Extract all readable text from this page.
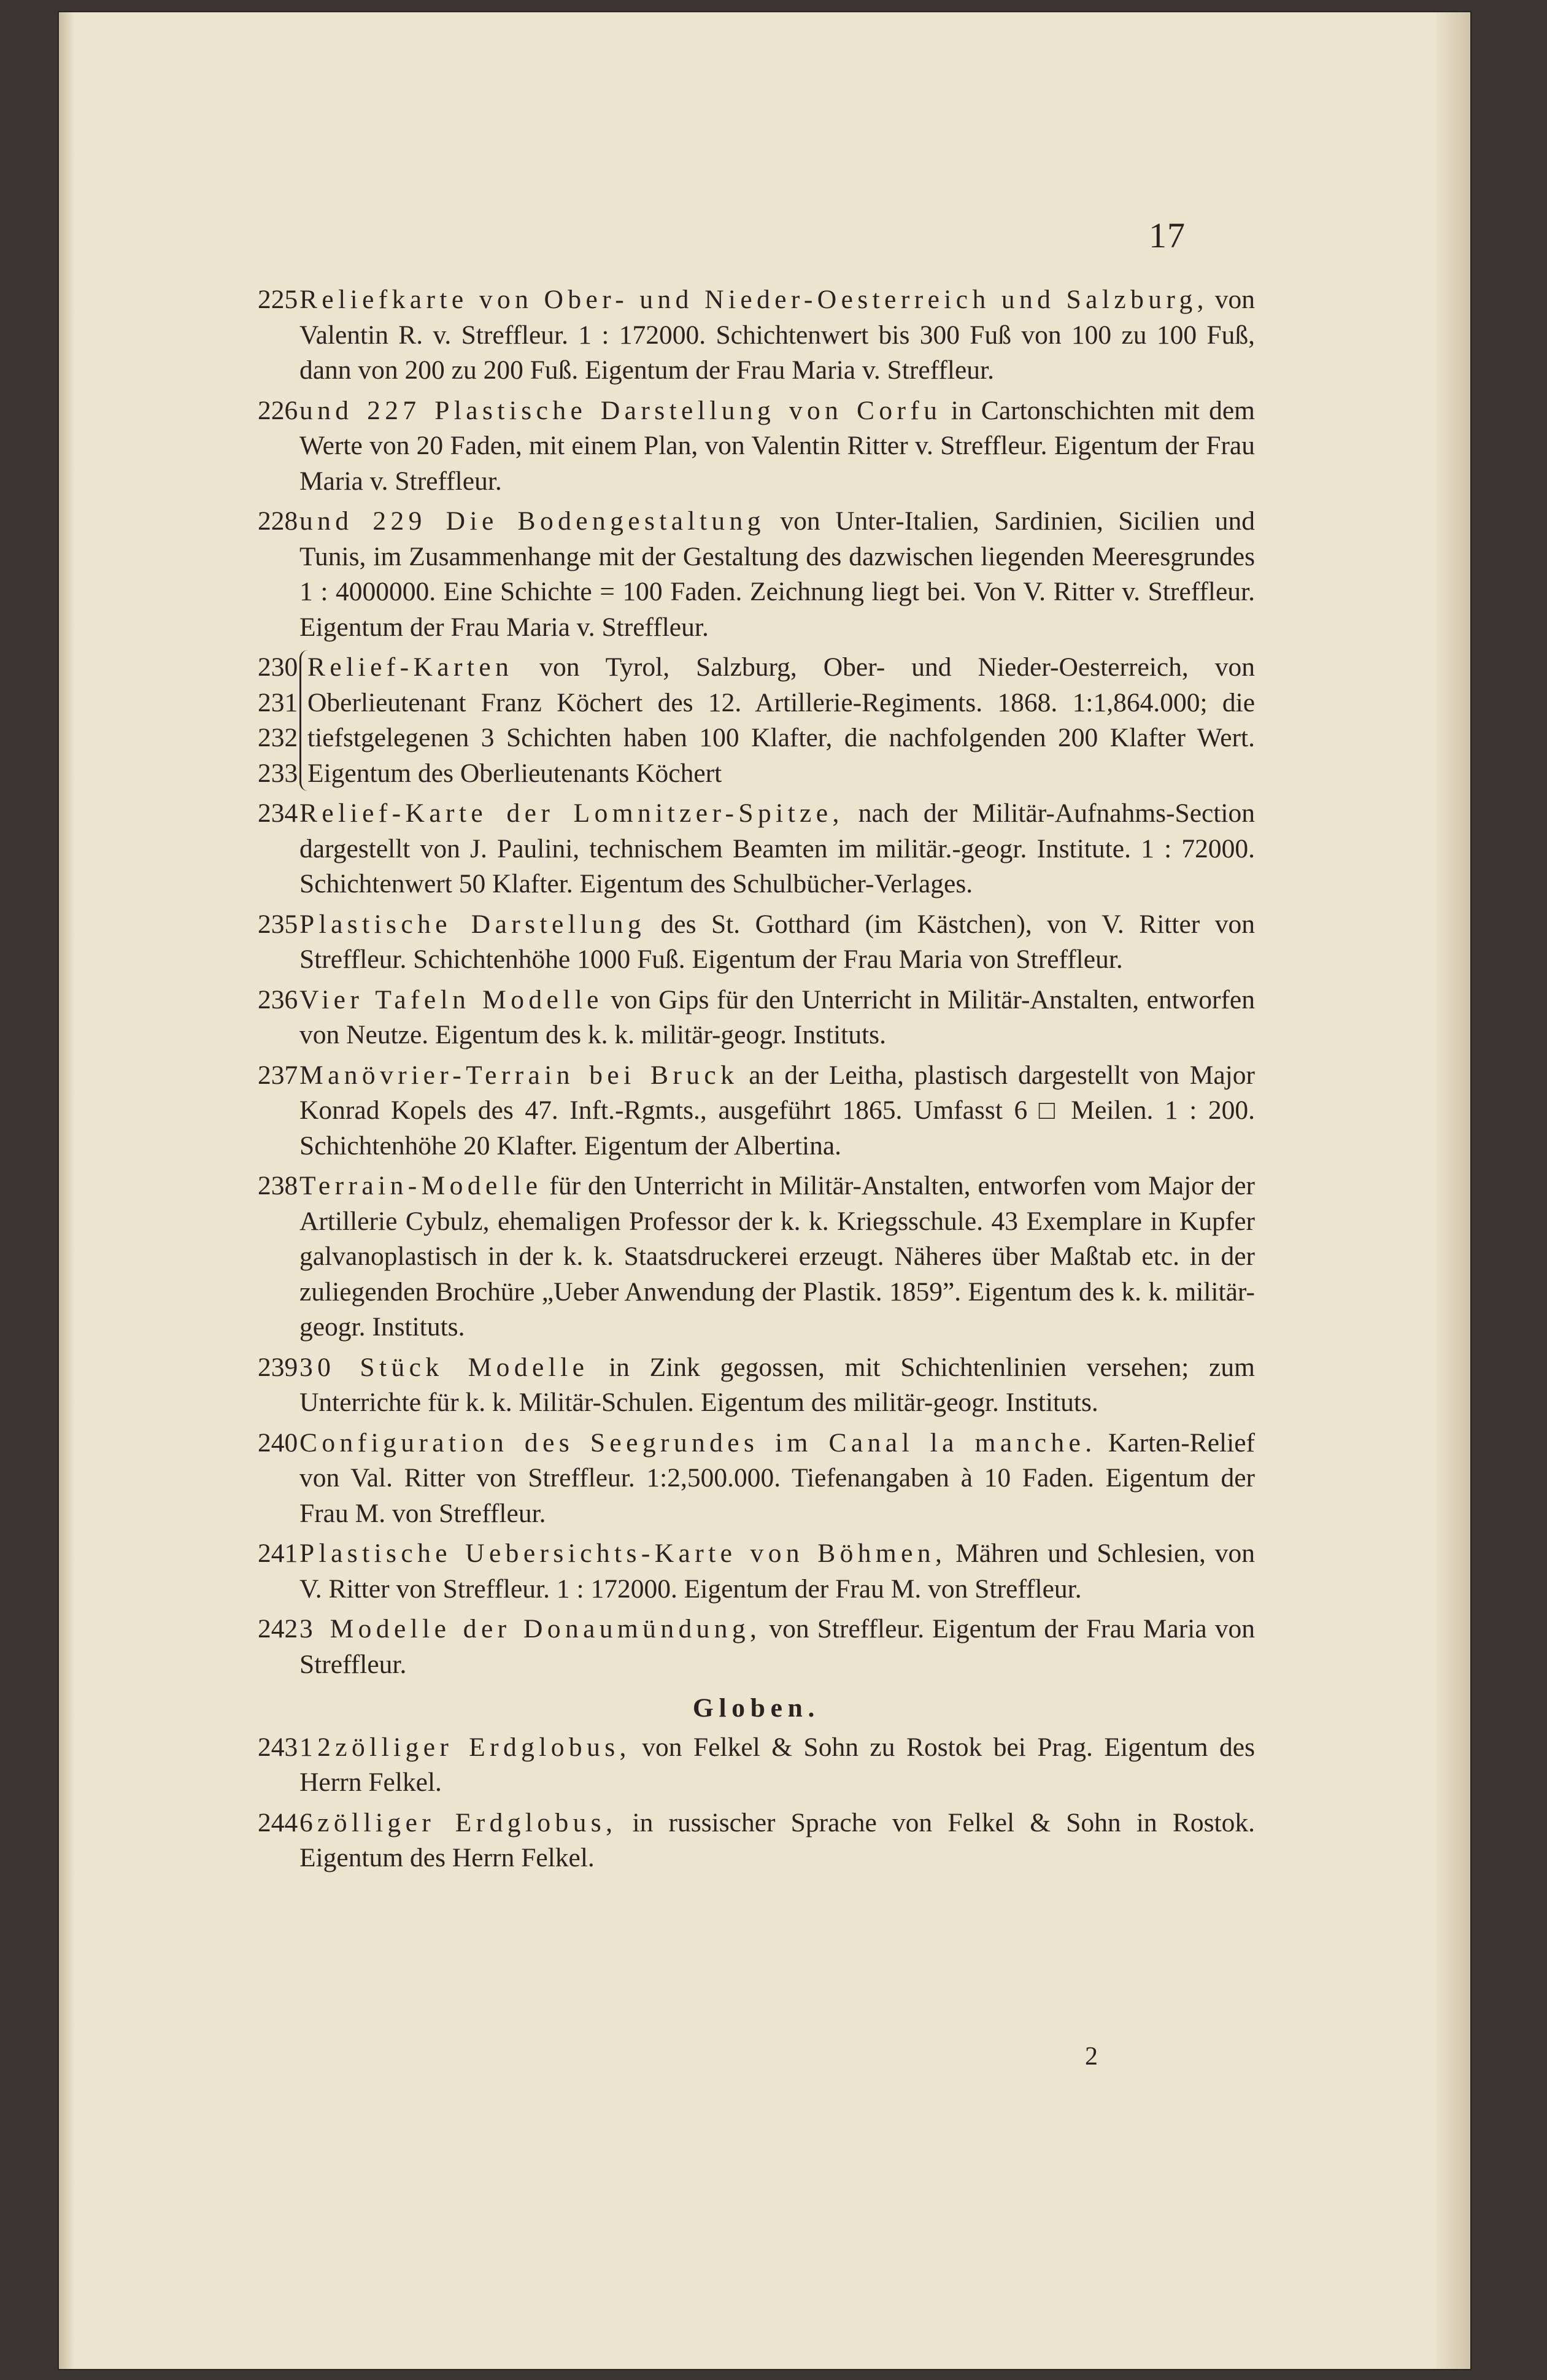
17
225 Reliefkarte von Ober- und Nieder-Oesterreich und Salzburg, von Valentin R. v. Streffleur. 1 : 172000. Schichtenwert bis 300 Fuß von 100 zu 100 Fuß, dann von 200 zu 200 Fuß. Eigentum der Frau Maria v. Streffleur.
226 und 227 Plastische Darstellung von Corfu in Cartonschichten mit dem Werte von 20 Faden, mit einem Plan, von Valentin Ritter v. Streffleur. Eigentum der Frau Maria v. Streffleur.
228 und 229 Die Bodengestaltung von Unter-Italien, Sardinien, Sicilien und Tunis, im Zusammenhange mit der Gestaltung des dazwischen liegenden Meeresgrundes 1 : 4000000. Eine Schichte = 100 Faden. Zeichnung liegt bei. Von V. Ritter v. Streffleur. Eigentum der Frau Maria v. Streffleur.
230
231
232
233
Relief-Karten von Tyrol, Salzburg, Ober- und Nieder-Oesterreich, von Oberlieutenant Franz Köchert des 12. Artillerie-Regiments. 1868. 1:1,864.000; die tiefstgelegenen 3 Schichten haben 100 Klafter, die nachfolgenden 200 Klafter Wert. Eigentum des Oberlieutenants Köchert
234 Relief-Karte der Lomnitzer-Spitze, nach der Militär-Aufnahms-Section dargestellt von J. Paulini, technischem Beamten im militär.-geogr. Institute. 1 : 72000. Schichtenwert 50 Klafter. Eigentum des Schulbücher-Verlages.
235 Plastische Darstellung des St. Gotthard (im Kästchen), von V. Ritter von Streffleur. Schichtenhöhe 1000 Fuß. Eigentum der Frau Maria von Streffleur.
236 Vier Tafeln Modelle von Gips für den Unterricht in Militär-Anstalten, entworfen von Neutze. Eigentum des k. k. militär-geogr. Instituts.
237 Manövrier-Terrain bei Bruck an der Leitha, plastisch dargestellt von Major Konrad Kopels des 47. Inft.-Rgmts., ausgeführt 1865. Umfasst 6 □ Meilen. 1 : 200. Schichtenhöhe 20 Klafter. Eigentum der Albertina.
238 Terrain-Modelle für den Unterricht in Militär-Anstalten, entworfen vom Major der Artillerie Cybulz, ehemaligen Professor der k. k. Kriegsschule. 43 Exemplare in Kupfer galvanoplastisch in der k. k. Staatsdruckerei erzeugt. Näheres über Maßtab etc. in der zuliegenden Brochüre „Ueber Anwendung der Plastik. 1859”. Eigentum des k. k. militär-geogr. Instituts.
239 30 Stück Modelle in Zink gegossen, mit Schichtenlinien versehen; zum Unterrichte für k. k. Militär-Schulen. Eigentum des militär-geogr. Instituts.
240 Configuration des Seegrundes im Canal la manche. Karten-Relief von Val. Ritter von Streffleur. 1:2,500.000. Tiefenangaben à 10 Faden. Eigentum der Frau M. von Streffleur.
241 Plastische Uebersichts-Karte von Böhmen, Mähren und Schlesien, von V. Ritter von Streffleur. 1 : 172000. Eigentum der Frau M. von Streffleur.
242 3 Modelle der Donaumündung, von Streffleur. Eigentum der Frau Maria von Streffleur.
Globen.
243 12zölliger Erdglobus, von Felkel & Sohn zu Rostok bei Prag. Eigentum des Herrn Felkel.
244 6zölliger Erdglobus, in russischer Sprache von Felkel & Sohn in Rostok. Eigentum des Herrn Felkel.
2
